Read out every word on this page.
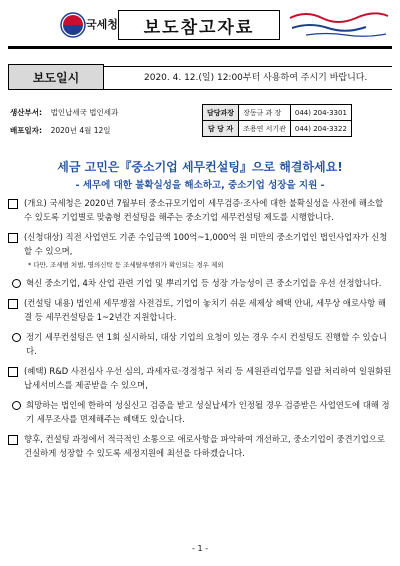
국세청	보도참고자료
보도일시	2020. 4. 12.(일) 12:00부터 사용하여 주시기 바랍니다.
생산부서: 법인납세국 법인세과
배포일자: 2020년 4월 12일
담당과장	장동규 과 장	044) 204-3301
담 당 자	조용연 서기관	044) 204-3322
세금 고민은『중소기업 세무컨설팅』으로 해결하세요!
- 세무에 대한 불확실성을 해소하고, 중소기업 성장을 지원 -
(개요) 국세청은 2020년 7월부터 중소규모기업이 세무검증·조사에 대한 불확실성을 사전에 해소할 수 있도록 기업별로 맞춤형 컨설팅을 해주는 중소기업 세무컨설팅 제도를 시행합니다.
(신청대상) 직전 사업연도 기준 수입금액 100억~1,000억 원 미만의 중소기업인 법인사업자가 신청할 수 있으며,
* 다만, 조세범 처벌, 명의신탁 등 조세탈루행위가 확인되는 경우 제외
혁신 중소기업, 4차 산업 관련 기업 및 뿌리기업 등 성장 가능성이 큰 중소기업을 우선 선정합니다.
(컨설팅 내용) 법인세 세무쟁점 사전검토, 기업이 놓치기 쉬운 세제상 혜택 안내, 세무상 애로사항 해결 등 세무컨설팅을 1~2년간 지원합니다.
정기 세무컨설팅은 연 1회 실시하되, 대상 기업의 요청이 있는 경우 수시 컨설팅도 진행할 수 있습니다.
(혜택) R&D 사전심사 우선 심의, 과세자료·경정청구 처리 등 세원관리업무를 일괄 처리하여 일원화된 납세서비스를 제공받을 수 있으며,
희망하는 법인에 한하여 성실신고 검증을 받고 성실납세가 인정될 경우 검증받은 사업연도에 대해 정기 세무조사를 면제해주는 혜택도 있습니다.
향후, 컨설팅 과정에서 적극적인 소통으로 애로사항을 파악하여 개선하고, 중소기업이 중견기업으로 건실하게 성장할 수 있도록 세정지원에 최선을 다하겠습니다.
- 1 -
